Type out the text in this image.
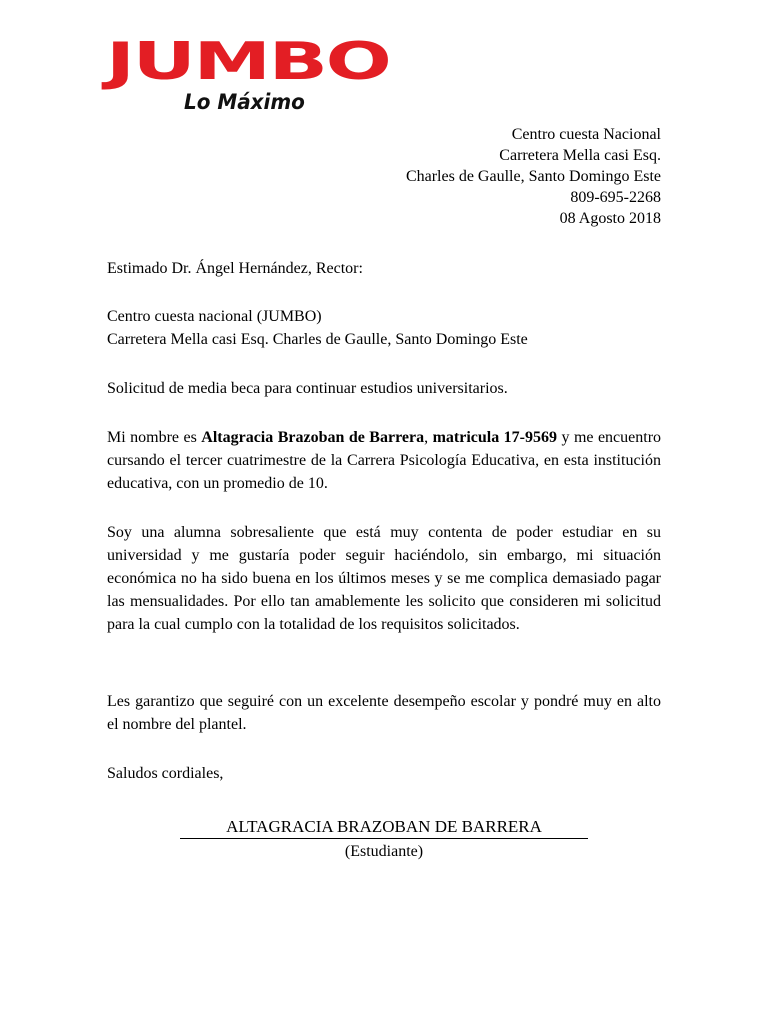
JUMBO
Lo Máximo
Centro cuesta Nacional
Carretera Mella casi Esq.
Charles de Gaulle, Santo Domingo Este
809-695-2268
08 Agosto 2018
Estimado Dr. Ángel Hernández, Rector:
Centro cuesta nacional (JUMBO)
Carretera Mella casi Esq. Charles de Gaulle, Santo Domingo Este
Solicitud de media beca para continuar estudios universitarios.

Mi nombre es Altagracia Brazoban de Barrera, matricula 17-9569 y me encuentro cursando el tercer cuatrimestre de la Carrera Psicología Educativa, en esta institución educativa, con un promedio de 10.

Soy una alumna sobresaliente que está muy contenta de poder estudiar en su universidad y me gustaría poder seguir haciéndolo, sin embargo, mi situación económica no ha sido buena en los últimos meses y se me complica demasiado pagar las mensualidades. Por ello tan amablemente les solicito que consideren mi solicitud para la cual cumplo con la totalidad de los requisitos solicitados.

Les garantizo que seguiré con un excelente desempeño escolar y pondré muy en alto el nombre del plantel.

Saludos cordiales,
ALTAGRACIA BRAZOBAN DE BARRERA
(Estudiante)
